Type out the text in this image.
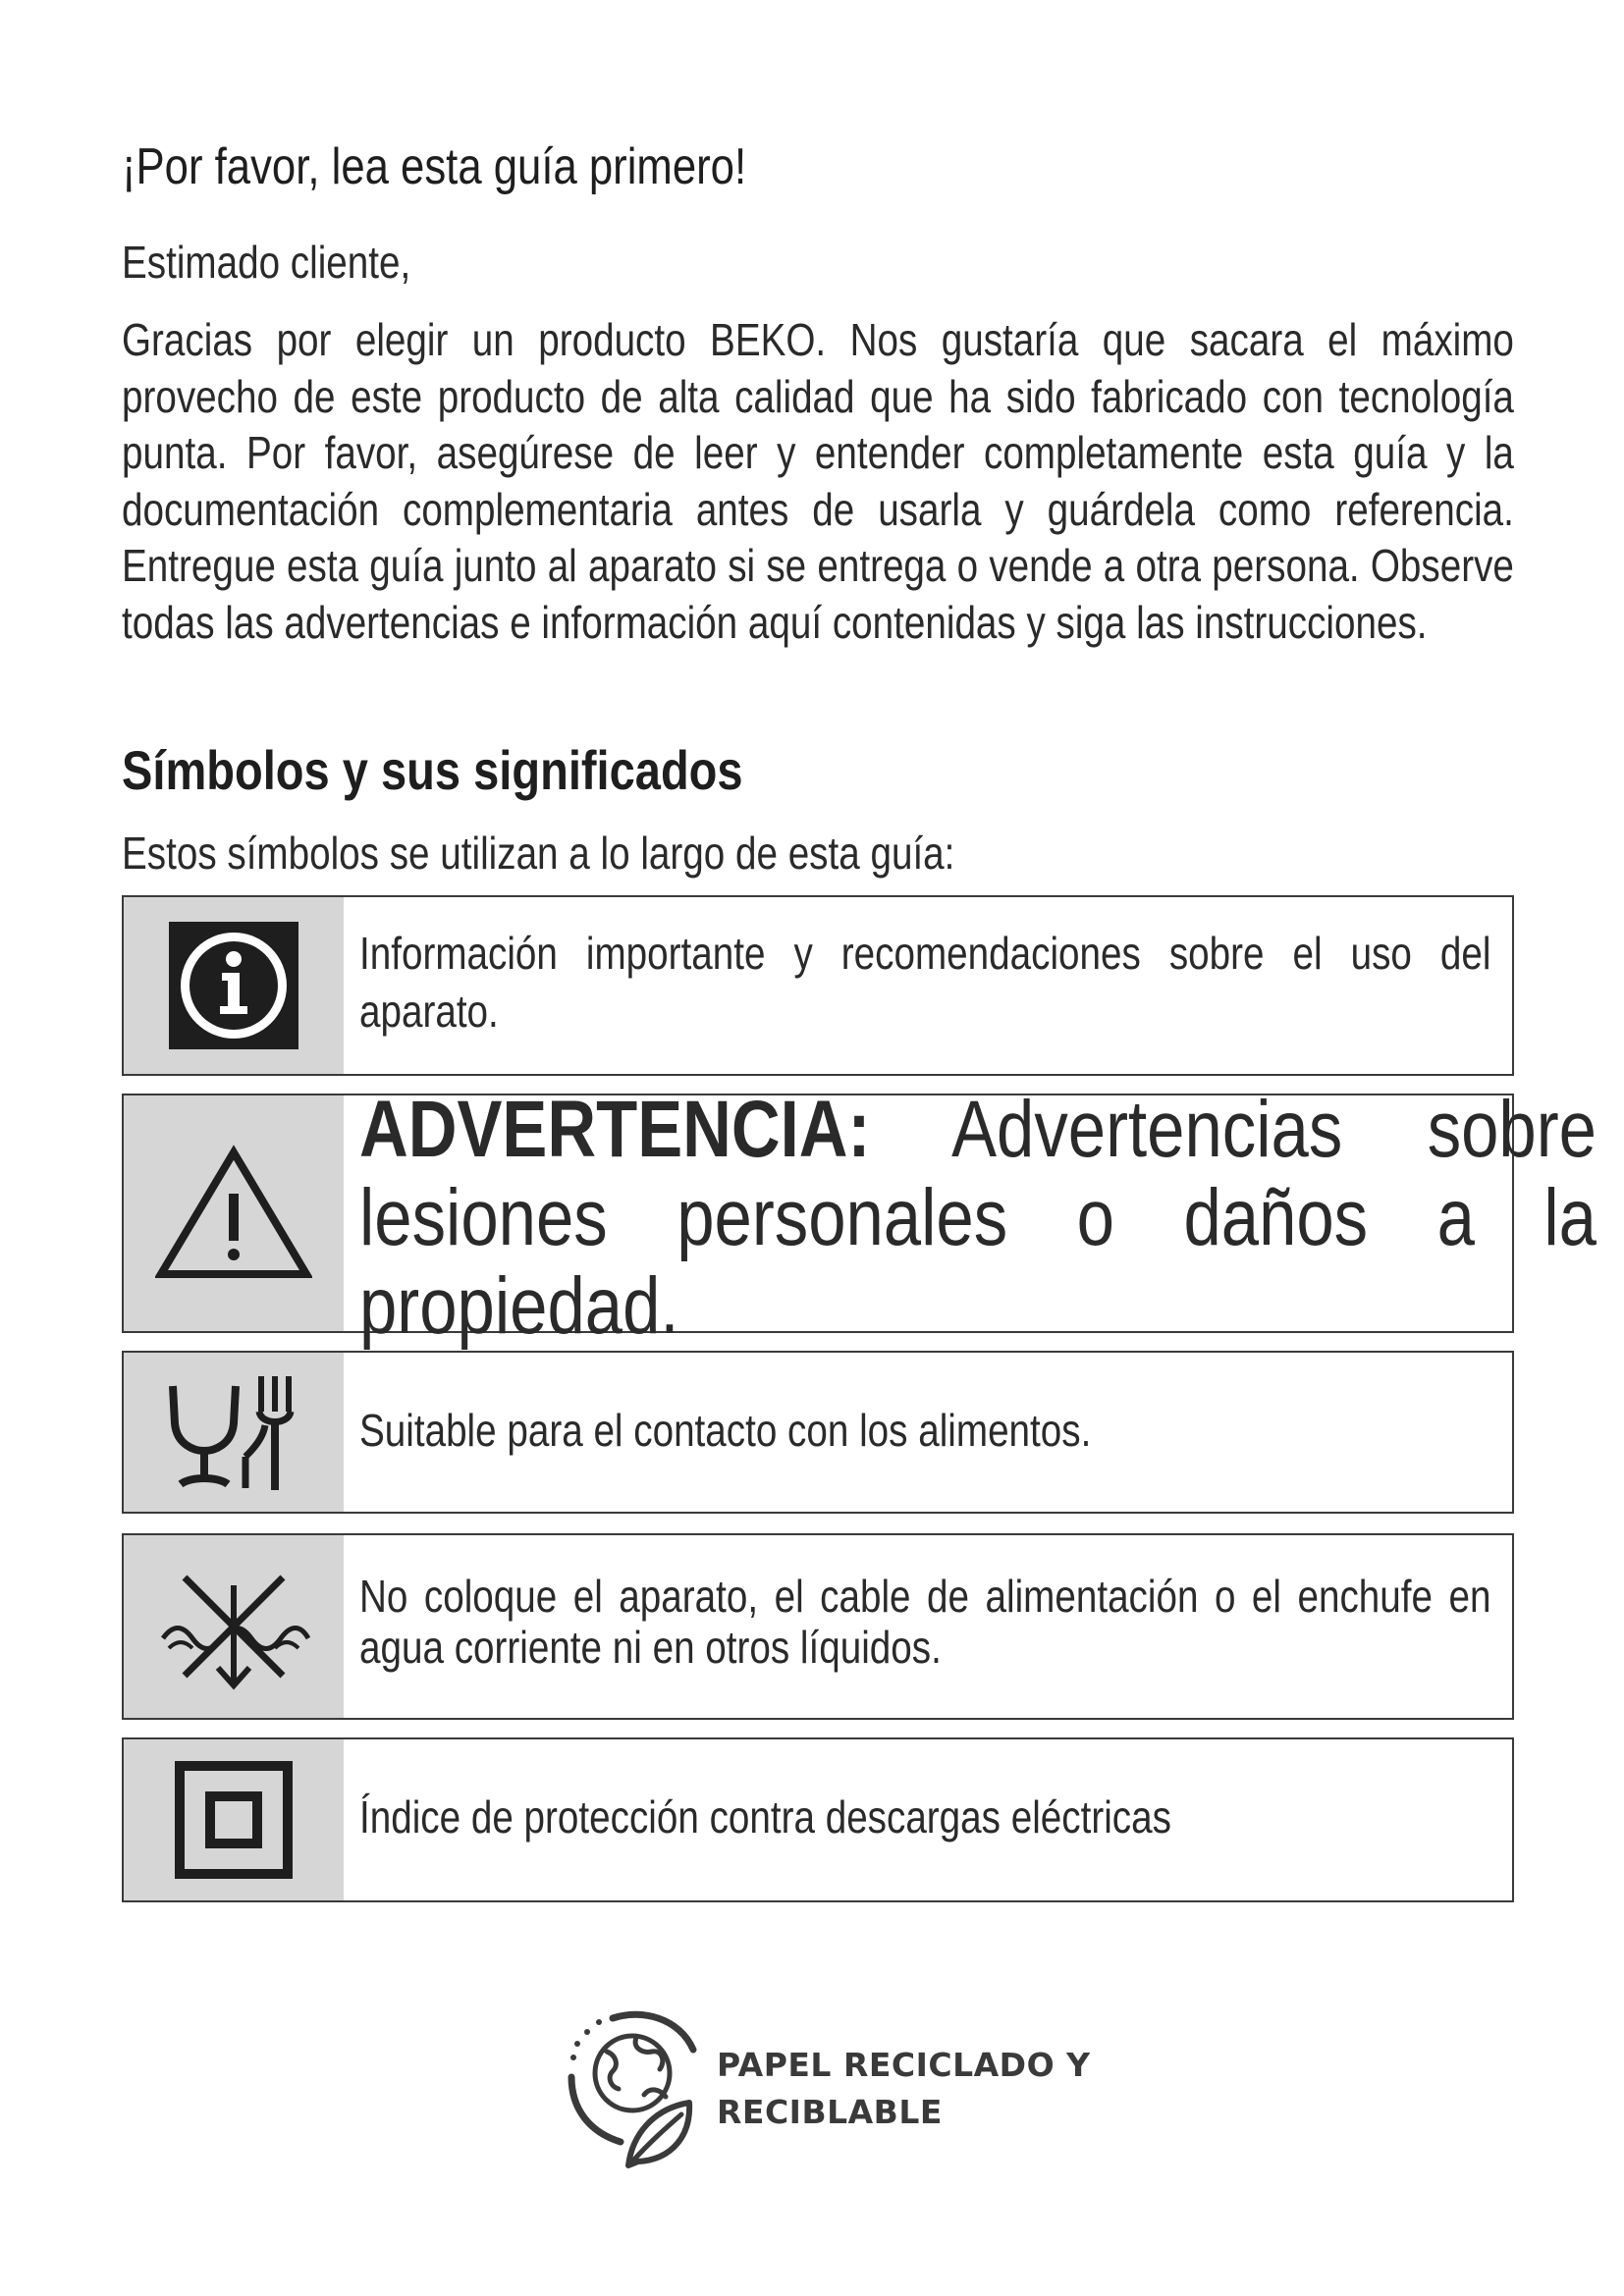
¡Por favor, lea esta guía primero!

Estimado cliente,

Gracias por elegir un producto BEKO. Nos gustaría que sacara el máximo provecho de este producto de alta calidad que ha sido fabricado con tecnología punta. Por favor, asegúrese de leer y entender completamente esta guía y la documentación complementaria antes de usarla y guárdela como referencia. Entregue esta guía junto al aparato si se entrega o vende a otra persona. Observe todas las advertencias e información aquí contenidas y siga las instrucciones.
Símbolos y sus significados

Estos símbolos se utilizan a lo largo de esta guía:

Información importante y recomendaciones sobre el uso del aparato.
ADVERTENCIA: Advertencias sobre lesiones personales o daños a la propiedad.
Suitable para el contacto con los alimentos.
No coloque el aparato, el cable de alimentación o el enchufe en agua corriente ni en otros líquidos.
Índice de protección contra descargas eléctricas
PAPEL RECICLADO Y
RECIBLABLE
